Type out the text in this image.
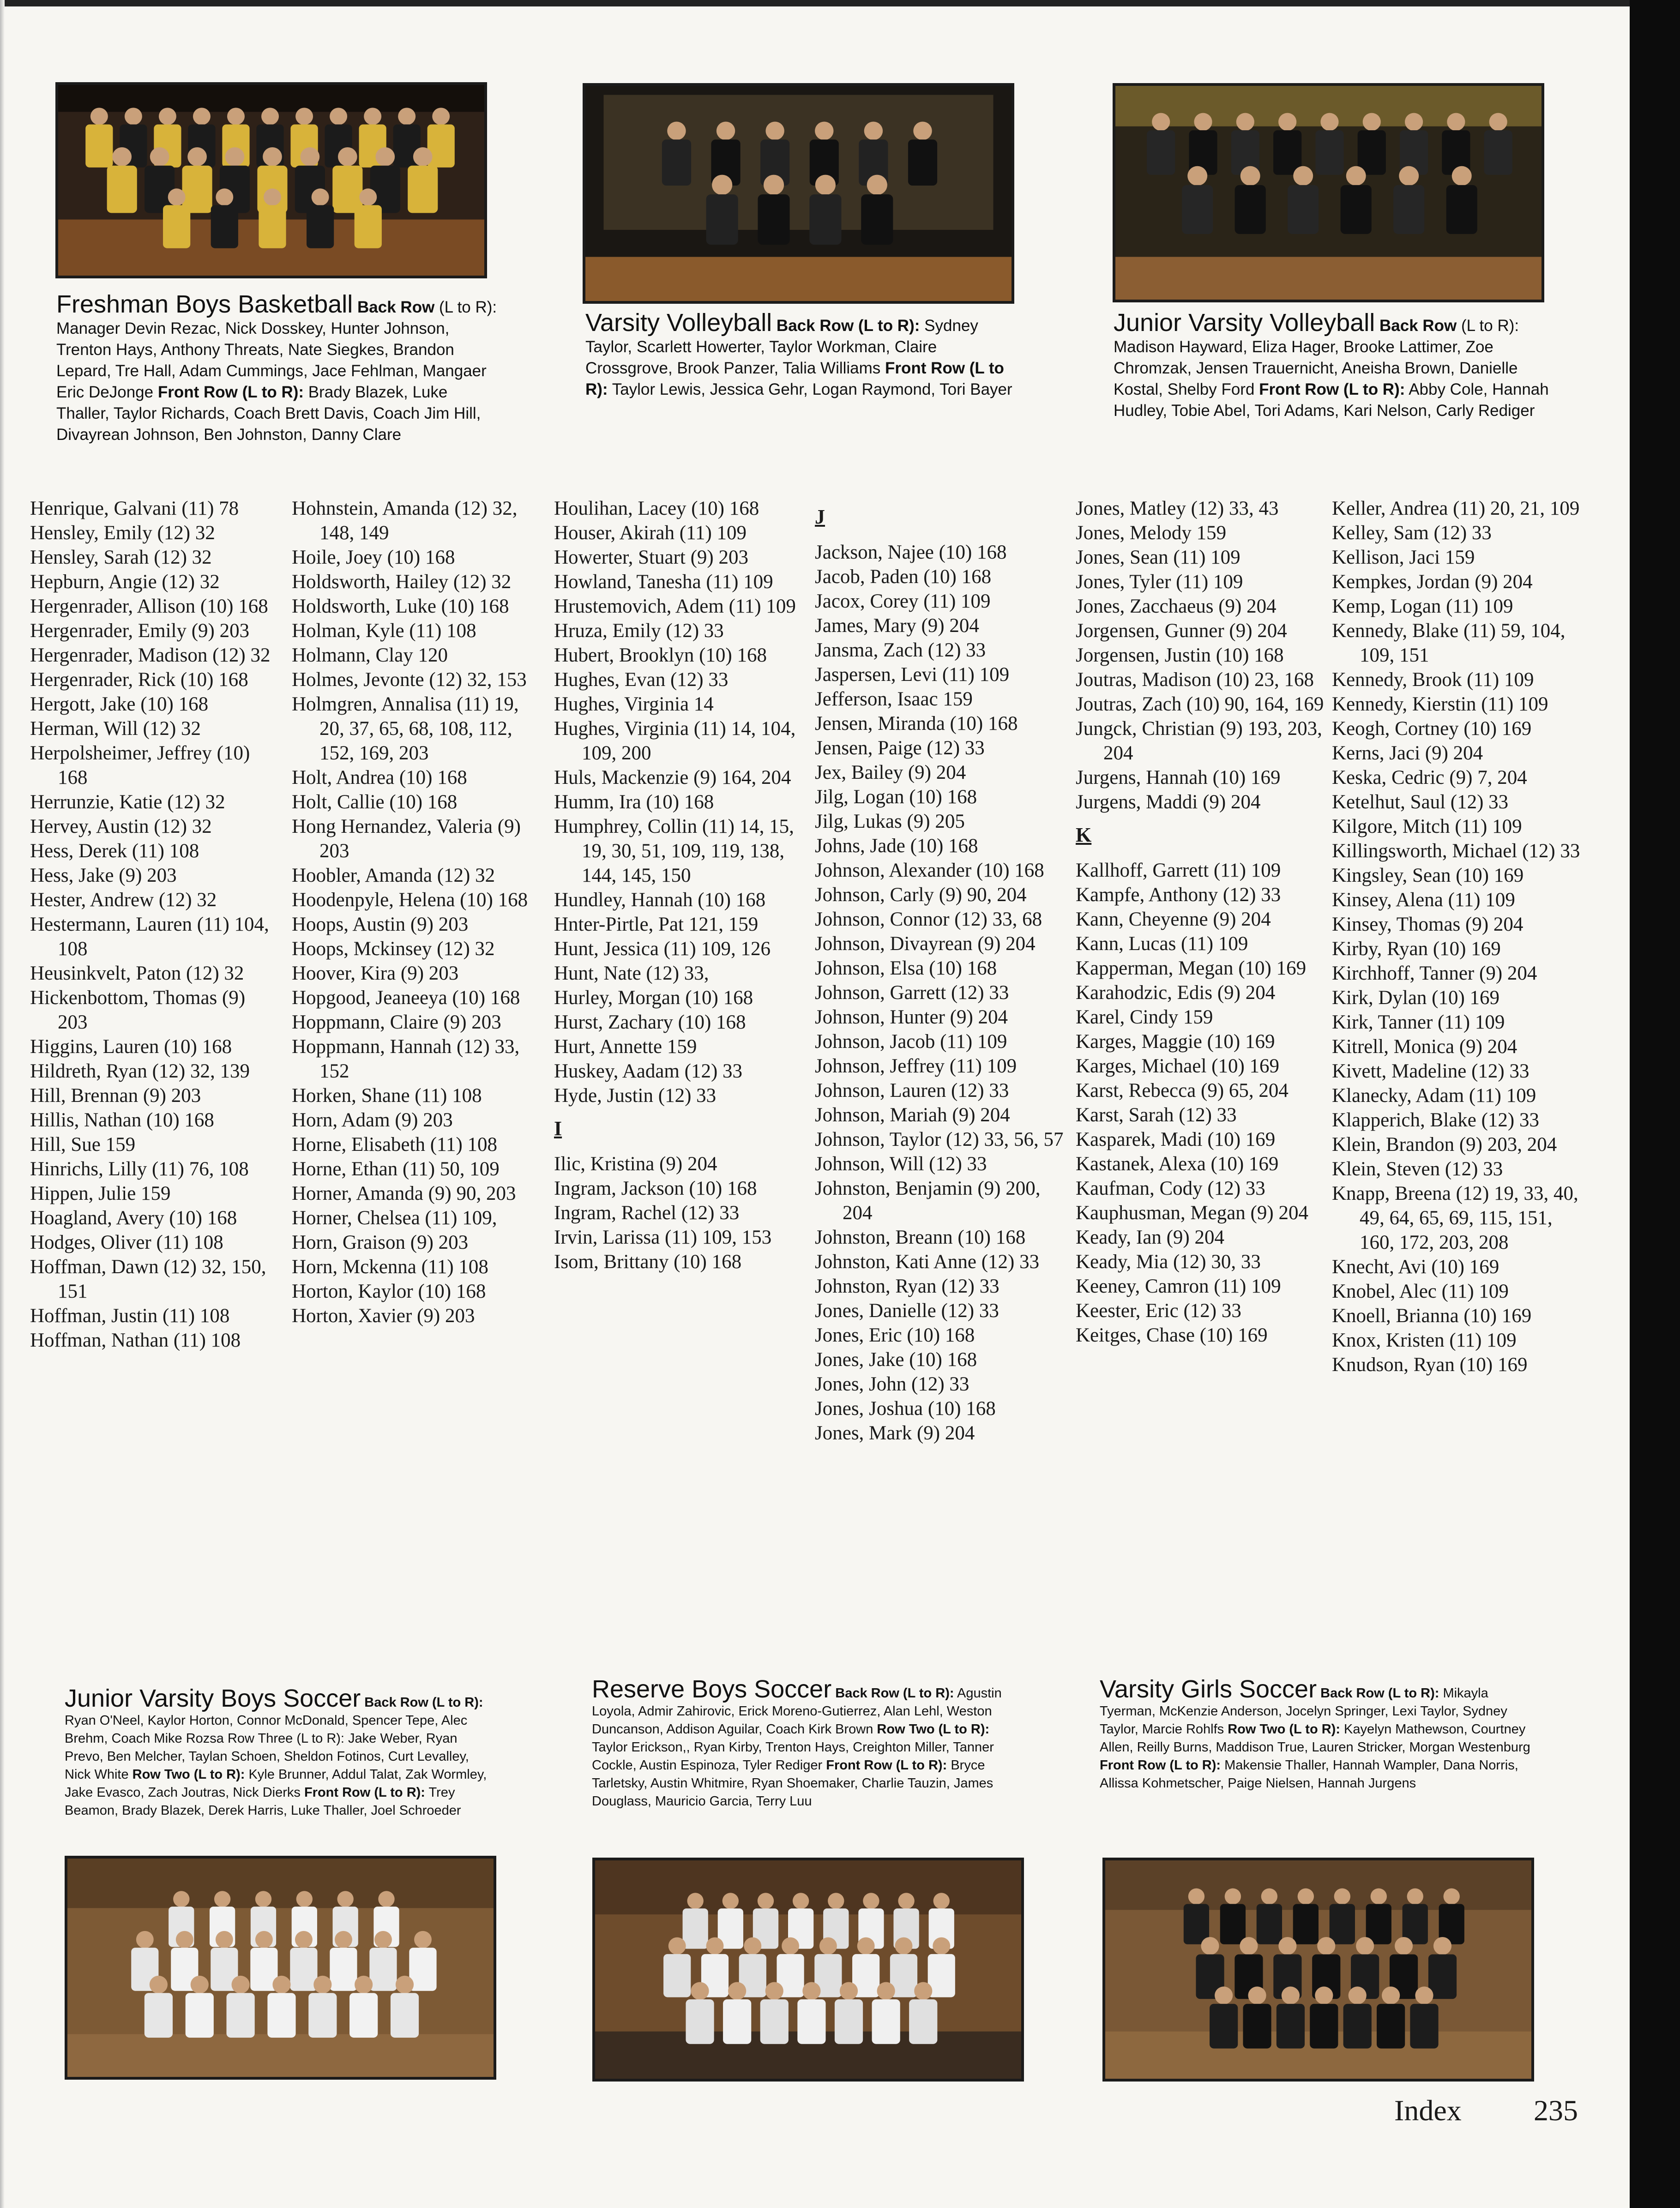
Freshman Boys Basketball Back Row (L to R): Manager Devin Rezac, Nick Dosskey, Hunter Johnson, Trenton Hays, Anthony Threats, Nate Siegkes, Brandon Lepard, Tre Hall, Adam Cummings, Jace Fehlman, Mangaer Eric DeJonge Front Row (L to R): Brady Blazek, Luke Thaller, Taylor Richards, Coach Brett Davis, Coach Jim Hill, Divayrean Johnson, Ben Johnston, Danny Clare
Varsity Volleyball Back Row (L to R): Sydney Taylor, Scarlett Howerter, Taylor Workman, Claire Crossgrove, Brook Panzer, Talia Williams Front Row (L to R): Taylor Lewis, Jessica Gehr, Logan Raymond, Tori Bayer
Junior Varsity Volleyball Back Row (L to R): Madison Hayward, Eliza Hager, Brooke Lattimer, Zoe Chromzak, Jensen Trauernicht, Aneisha Brown, Danielle Kostal, Shelby Ford Front Row (L to R): Abby Cole, Hannah Hudley, Tobie Abel, Tori Adams, Kari Nelson, Carly Rediger
Henrique, Galvani (11) 78
Hensley, Emily (12) 32
Hensley, Sarah (12) 32
Hepburn, Angie (12) 32
Hergenrader, Allison (10) 168
Hergenrader, Emily (9) 203
Hergenrader, Madison (12) 32
Hergenrader, Rick (10) 168
Hergott, Jake (10) 168
Herman, Will (12) 32
Herpolsheimer, Jeffrey (10) 168
Herrunzie, Katie (12) 32
Hervey, Austin (12) 32
Hess, Derek (11) 108
Hess, Jake (9) 203
Hester, Andrew (12) 32
Hestermann, Lauren (11) 104, 108
Heusinkvelt, Paton (12) 32
Hickenbottom, Thomas (9) 203
Higgins, Lauren (10) 168
Hildreth, Ryan (12) 32, 139
Hill, Brennan (9) 203
Hillis, Nathan (10) 168
Hill, Sue 159
Hinrichs, Lilly (11) 76, 108
Hippen, Julie 159
Hoagland, Avery (10) 168
Hodges, Oliver (11) 108
Hoffman, Dawn (12) 32, 150, 151
Hoffman, Justin (11) 108
Hoffman, Nathan (11) 108
Hohnstein, Amanda (12) 32, 148, 149
Hoile, Joey (10) 168
Holdsworth, Hailey (12) 32
Holdsworth, Luke (10) 168
Holman, Kyle (11) 108
Holmann, Clay 120
Holmes, Jevonte (12) 32, 153
Holmgren, Annalisa (11) 19, 20, 37, 65, 68, 108, 112, 152, 169, 203
Holt, Andrea (10) 168
Holt, Callie (10) 168
Hong Hernandez, Valeria (9) 203
Hoobler, Amanda (12) 32
Hoodenpyle, Helena (10) 168
Hoops, Austin (9) 203
Hoops, Mckinsey (12) 32
Hoover, Kira (9) 203
Hopgood, Jeaneeya (10) 168
Hoppmann, Claire (9) 203
Hoppmann, Hannah (12) 33, 152
Horken, Shane (11) 108
Horn, Adam (9) 203
Horne, Elisabeth (11) 108
Horne, Ethan (11) 50, 109
Horner, Amanda (9) 90, 203
Horner, Chelsea (11) 109,
Horn, Graison (9) 203
Horn, Mckenna (11) 108
Horton, Kaylor (10) 168
Horton, Xavier (9) 203
Houlihan, Lacey (10) 168
Houser, Akirah (11) 109
Howerter, Stuart (9) 203
Howland, Tanesha (11) 109
Hrustemovich, Adem (11) 109
Hruza, Emily (12) 33
Hubert, Brooklyn (10) 168
Hughes, Evan (12) 33
Hughes, Virginia 14
Hughes, Virginia (11) 14, 104, 109, 200
Huls, Mackenzie (9) 164, 204
Humm, Ira (10) 168
Humphrey, Collin (11) 14, 15, 19, 30, 51, 109, 119, 138, 144, 145, 150
Hundley, Hannah (10) 168
Hnter-Pirtle, Pat 121, 159
Hunt, Jessica (11) 109, 126
Hunt, Nate (12) 33,
Hurley, Morgan (10) 168
Hurst, Zachary (10) 168
Hurt, Annette 159
Huskey, Aadam (12) 33
Hyde, Justin (12) 33
I
Ilic, Kristina (9) 204
Ingram, Jackson (10) 168
Ingram, Rachel (12) 33
Irvin, Larissa (11) 109, 153
Isom, Brittany (10) 168
J
Jackson, Najee (10) 168
Jacob, Paden (10) 168
Jacox, Corey (11) 109
James, Mary (9) 204
Jansma, Zach (12) 33
Jaspersen, Levi (11) 109
Jefferson, Isaac 159
Jensen, Miranda (10) 168
Jensen, Paige (12) 33
Jex, Bailey (9) 204
Jilg, Logan (10) 168
Jilg, Lukas (9) 205
Johns, Jade (10) 168
Johnson, Alexander (10) 168
Johnson, Carly (9) 90, 204
Johnson, Connor (12) 33, 68
Johnson, Divayrean (9) 204
Johnson, Elsa (10) 168
Johnson, Garrett (12) 33
Johnson, Hunter (9) 204
Johnson, Jacob (11) 109
Johnson, Jeffrey (11) 109
Johnson, Lauren (12) 33
Johnson, Mariah (9) 204
Johnson, Taylor (12) 33, 56, 57
Johnson, Will (12) 33
Johnston, Benjamin (9) 200, 204
Johnston, Breann (10) 168
Johnston, Kati Anne (12) 33
Johnston, Ryan (12) 33
Jones, Danielle (12) 33
Jones, Eric (10) 168
Jones, Jake (10) 168
Jones, John (12) 33
Jones, Joshua (10) 168
Jones, Mark (9) 204
Jones, Matley (12) 33, 43
Jones, Melody 159
Jones, Sean (11) 109
Jones, Tyler (11) 109
Jones, Zacchaeus (9) 204
Jorgensen, Gunner (9) 204
Jorgensen, Justin (10) 168
Joutras, Madison (10) 23, 168
Joutras, Zach (10) 90, 164, 169
Jungck, Christian (9) 193, 203, 204
Jurgens, Hannah (10) 169
Jurgens, Maddi (9) 204
K
Kallhoff, Garrett (11) 109
Kampfe, Anthony (12) 33
Kann, Cheyenne (9) 204
Kann, Lucas (11) 109
Kapperman, Megan (10) 169
Karahodzic, Edis (9) 204
Karel, Cindy 159
Karges, Maggie (10) 169
Karges, Michael (10) 169
Karst, Rebecca (9) 65, 204
Karst, Sarah (12) 33
Kasparek, Madi (10) 169
Kastanek, Alexa (10) 169
Kaufman, Cody (12) 33
Kauphusman, Megan (9) 204
Keady, Ian (9) 204
Keady, Mia (12) 30, 33
Keeney, Camron (11) 109
Keester, Eric (12) 33
Keitges, Chase (10) 169
Keller, Andrea (11) 20, 21, 109
Kelley, Sam (12) 33
Kellison, Jaci 159
Kempkes, Jordan (9) 204
Kemp, Logan (11) 109
Kennedy, Blake (11) 59, 104, 109, 151
Kennedy, Brook (11) 109
Kennedy, Kierstin (11) 109
Keogh, Cortney (10) 169
Kerns, Jaci (9) 204
Keska, Cedric (9) 7, 204
Ketelhut, Saul (12) 33
Kilgore, Mitch (11) 109
Killingsworth, Michael (12) 33
Kingsley, Sean (10) 169
Kinsey, Alena (11) 109
Kinsey, Thomas (9) 204
Kirby, Ryan (10) 169
Kirchhoff, Tanner (9) 204
Kirk, Dylan (10) 169
Kirk, Tanner (11) 109
Kitrell, Monica (9) 204
Kivett, Madeline (12) 33
Klanecky, Adam (11) 109
Klapperich, Blake (12) 33
Klein, Brandon (9) 203, 204
Klein, Steven (12) 33
Knapp, Breena (12) 19, 33, 40, 49, 64, 65, 69, 115, 151, 160, 172, 203, 208
Knecht, Avi (10) 169
Knobel, Alec (11) 109
Knoell, Brianna (10) 169
Knox, Kristen (11) 109
Knudson, Ryan (10) 169
Junior Varsity Boys Soccer Back Row (L to R): Ryan O'Neel, Kaylor Horton, Connor McDonald, Spencer Tepe, Alec Brehm, Coach Mike Rozsa Row Three (L to R): Jake Weber, Ryan Prevo, Ben Melcher, Taylan Schoen, Sheldon Fotinos, Curt Levalley, Nick White Row Two (L to R): Kyle Brunner, Addul Talat, Zak Wormley, Jake Evasco, Zach Joutras, Nick Dierks Front Row (L to R): Trey Beamon, Brady Blazek, Derek Harris, Luke Thaller, Joel Schroeder
Reserve Boys Soccer Back Row (L to R): Agustin Loyola, Admir Zahirovic, Erick Moreno-Gutierrez, Alan Lehl, Weston Duncanson, Addison Aguilar, Coach Kirk Brown Row Two (L to R): Taylor Erickson,, Ryan Kirby, Trenton Hays, Creighton Miller, Tanner Cockle, Austin Espinoza, Tyler Rediger Front Row (L to R): Bryce Tarletsky, Austin Whitmire, Ryan Shoemaker, Charlie Tauzin, James Douglass, Mauricio Garcia, Terry Luu
Varsity Girls Soccer Back Row (L to R): Mikayla Tyerman, McKenzie Anderson, Jocelyn Springer, Lexi Taylor, Sydney Taylor, Marcie Rohlfs Row Two (L to R): Kayelyn Mathewson, Courtney Allen, Reilly Burns, Maddison True, Lauren Stricker, Morgan Westenburg Front Row (L to R): Makensie Thaller, Hannah Wampler, Dana Norris, Allissa Kohmetscher, Paige Nielsen, Hannah Jurgens
Index 235
